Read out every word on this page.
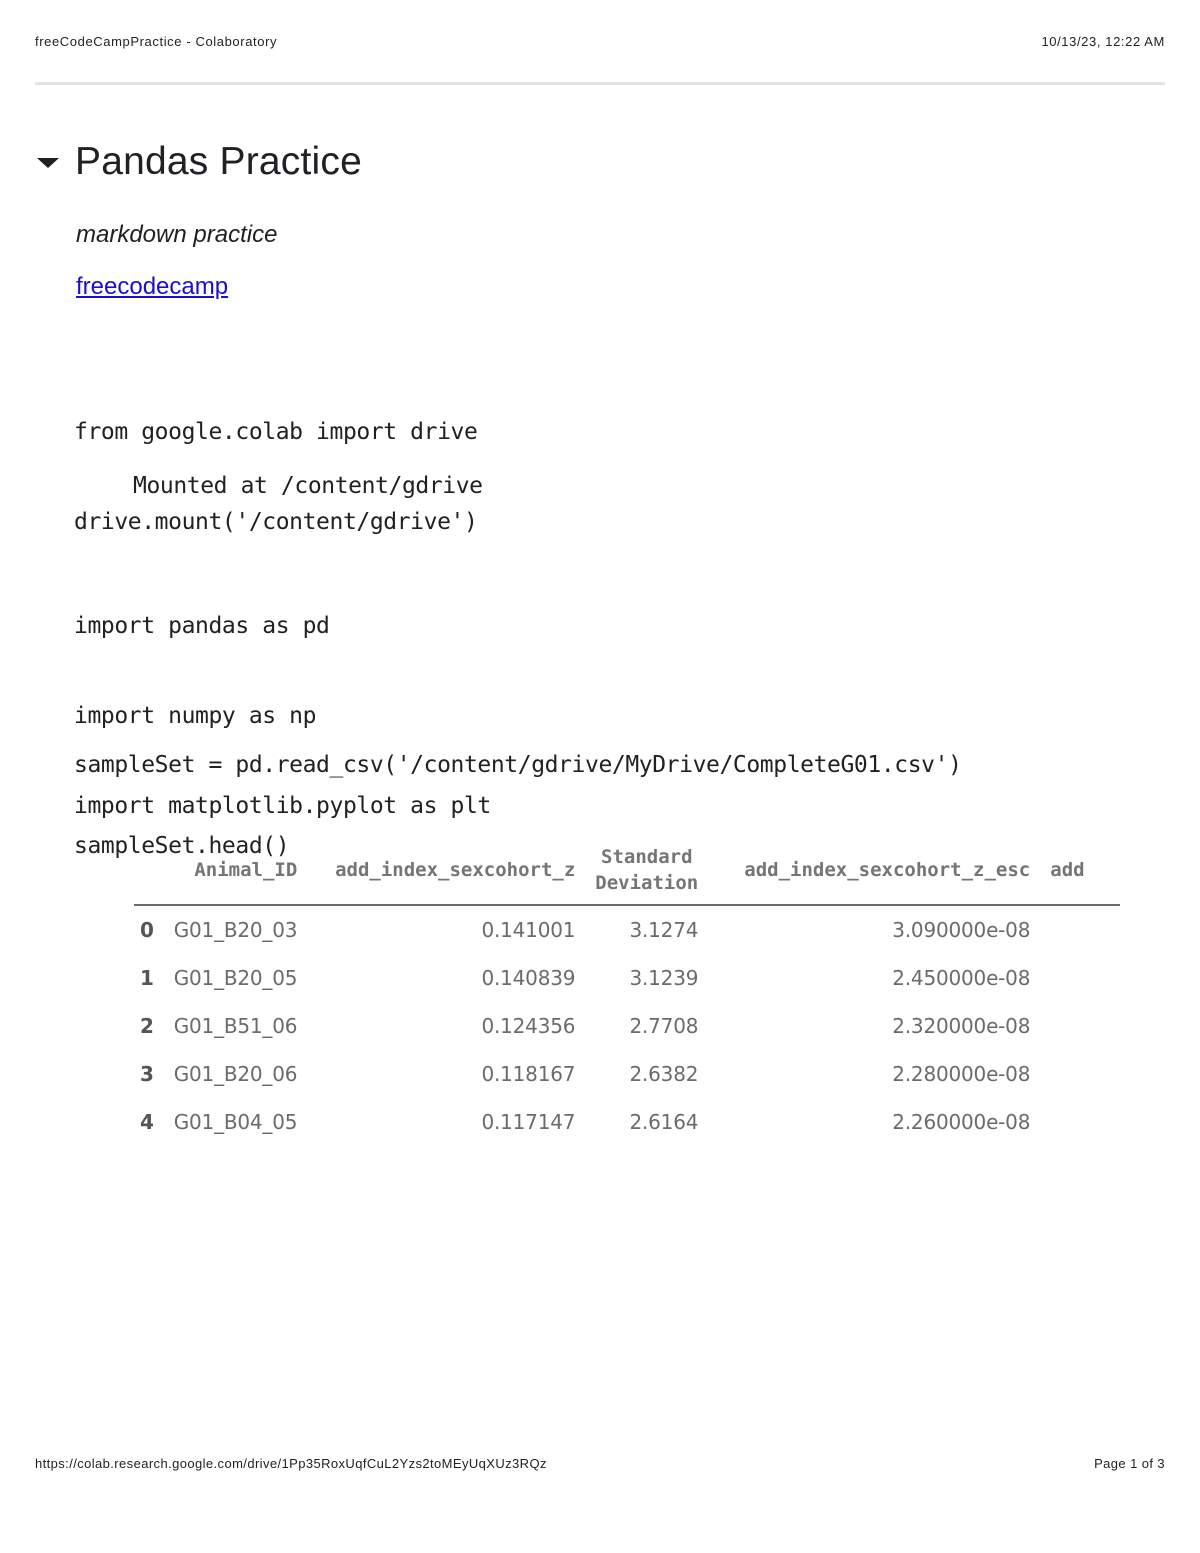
freeCodeCampPractice - Colaboratory	10/13/23, 12:22 AM
Pandas Practice
markdown practice
freecodecamp

from google.colab import drive

drive.mount('/content/gdrive')

Mounted at /content/gdrive

import pandas as pd

import numpy as np

import matplotlib.pyplot as plt

sampleSet = pd.read_csv('/content/gdrive/MyDrive/CompleteG01.csv')

sampleSet.head()

	Animal_ID	add_index_sexcohort_z	Standard Deviation	add_index_sexcohort_z_esc	add
0	G01_B20_03	0.141001	3.1274	3.090000e-08	
1	G01_B20_05	0.140839	3.1239	2.450000e-08	
2	G01_B51_06	0.124356	2.7708	2.320000e-08	
3	G01_B20_06	0.118167	2.6382	2.280000e-08	
4	G01_B04_05	0.117147	2.6164	2.260000e-08	
https://colab.research.google.com/drive/1Pp35RoxUqfCuL2Yzs2toMEyUqXUz3RQz	Page 1 of 3
